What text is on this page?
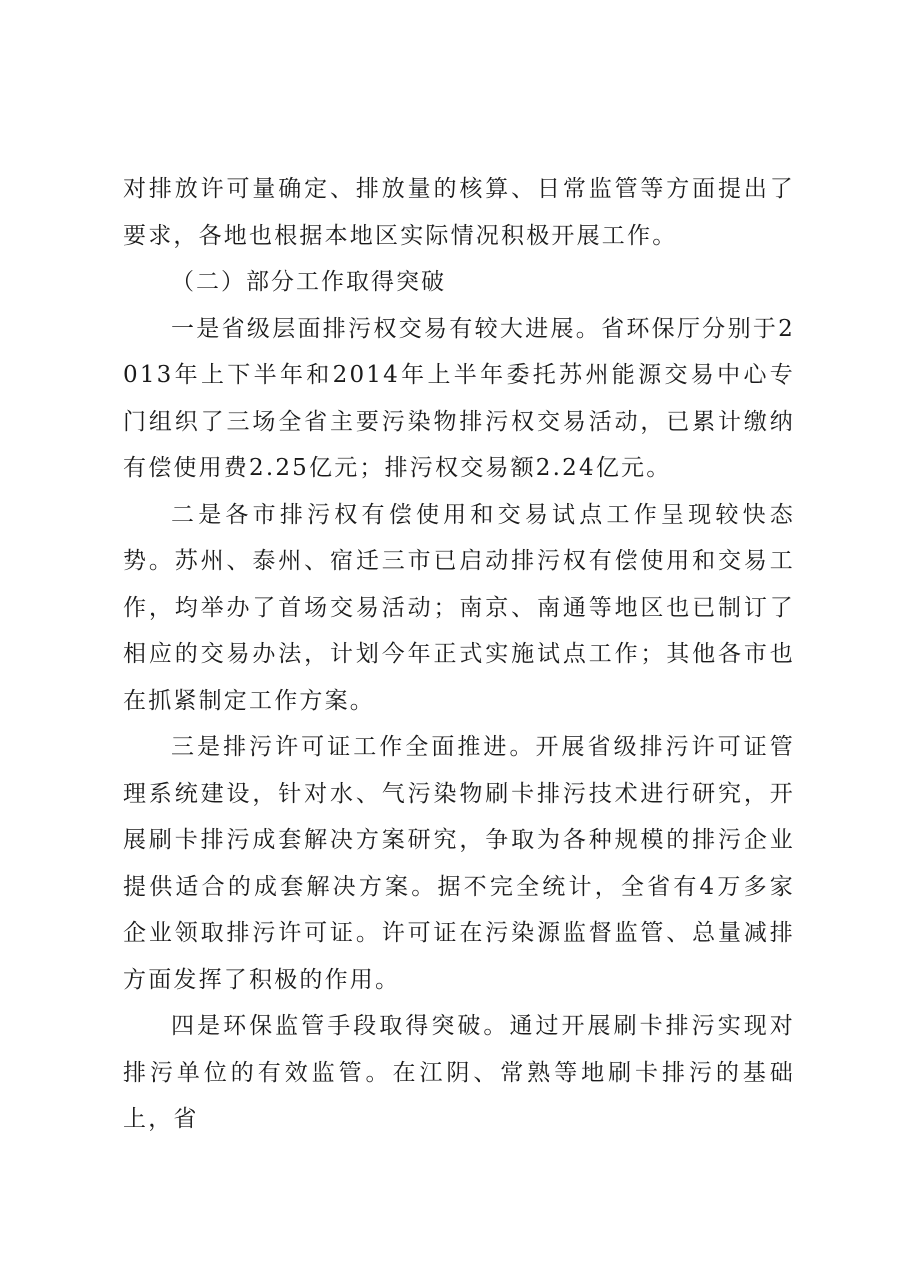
对排放许可量确定、排放量的核算、日常监管等方面提出了要求，各地也根据本地区实际情况积极开展工作。

（二）部分工作取得突破

一是省级层面排污权交易有较大进展。省环保厅分别于2013年上下半年和2014年上半年委托苏州能源交易中心专门组织了三场全省主要污染物排污权交易活动，已累计缴纳有偿使用费2.25亿元；排污权交易额2.24亿元。

二是各市排污权有偿使用和交易试点工作呈现较快态势。苏州、泰州、宿迁三市已启动排污权有偿使用和交易工作，均举办了首场交易活动；南京、南通等地区也已制订了相应的交易办法，计划今年正式实施试点工作；其他各市也在抓紧制定工作方案。

三是排污许可证工作全面推进。开展省级排污许可证管理系统建设，针对水、气污染物刷卡排污技术进行研究，开展刷卡排污成套解决方案研究，争取为各种规模的排污企业提供适合的成套解决方案。据不完全统计，全省有4万多家企业领取排污许可证。许可证在污染源监督监管、总量减排方面发挥了积极的作用。

四是环保监管手段取得突破。通过开展刷卡排污实现对排污单位的有效监管。在江阴、常熟等地刷卡排污的基础上，省
